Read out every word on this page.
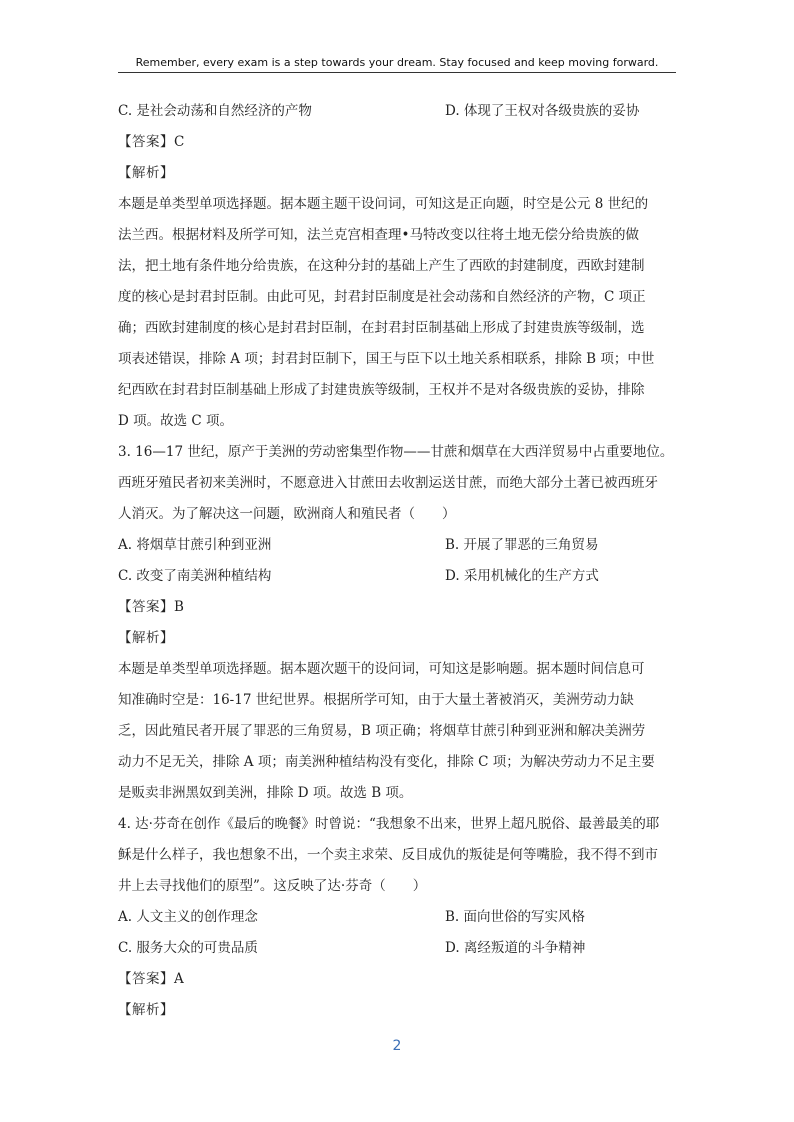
Remember, every exam is a step towards your dream. Stay focused and keep moving forward.
C. 是社会动荡和自然经济的产物	D. 体现了王权对各级贵族的妥协
【答案】C
【解析】
本题是单类型单项选择题。据本题主题干设问词，可知这是正向题，时空是公元 8 世纪的
法兰西。根据材料及所学可知，法兰克宫相查理•马特改变以往将土地无偿分给贵族的做
法，把土地有条件地分给贵族，在这种分封的基础上产生了西欧的封建制度，西欧封建制
度的核心是封君封臣制。由此可见，封君封臣制度是社会动荡和自然经济的产物，C 项正
确；西欧封建制度的核心是封君封臣制，在封君封臣制基础上形成了封建贵族等级制，选
项表述错误，排除 A 项；封君封臣制下，国王与臣下以土地关系相联系，排除 B 项；中世
纪西欧在封君封臣制基础上形成了封建贵族等级制，王权并不是对各级贵族的妥协，排除
D 项。故选 C 项。
3. 16—17 世纪，原产于美洲的劳动密集型作物——甘蔗和烟草在大西洋贸易中占重要地位。
西班牙殖民者初来美洲时，不愿意进入甘蔗田去收割运送甘蔗，而绝大部分土著已被西班牙
人消灭。为了解决这一问题，欧洲商人和殖民者（　　）
A. 将烟草甘蔗引种到亚洲	B. 开展了罪恶的三角贸易
C. 改变了南美洲种植结构	D. 采用机械化的生产方式
【答案】B
【解析】
本题是单类型单项选择题。据本题次题干的设问词，可知这是影响题。据本题时间信息可
知准确时空是：16-17 世纪世界。根据所学可知，由于大量土著被消灭，美洲劳动力缺
乏，因此殖民者开展了罪恶的三角贸易，B 项正确；将烟草甘蔗引种到亚洲和解决美洲劳
动力不足无关，排除 A 项；南美洲种植结构没有变化，排除 C 项；为解决劳动力不足主要
是贩卖非洲黑奴到美洲，排除 D 项。故选 B 项。
4. 达·芬奇在创作《最后的晚餐》时曾说：“我想象不出来，世界上超凡脱俗、最善最美的耶
稣是什么样子，我也想象不出，一个卖主求荣、反目成仇的叛徒是何等嘴脸，我不得不到市
井上去寻找他们的原型”。这反映了达·芬奇（　　）
A. 人文主义的创作理念	B. 面向世俗的写实风格
C. 服务大众的可贵品质	D. 离经叛道的斗争精神
【答案】A
【解析】
2
